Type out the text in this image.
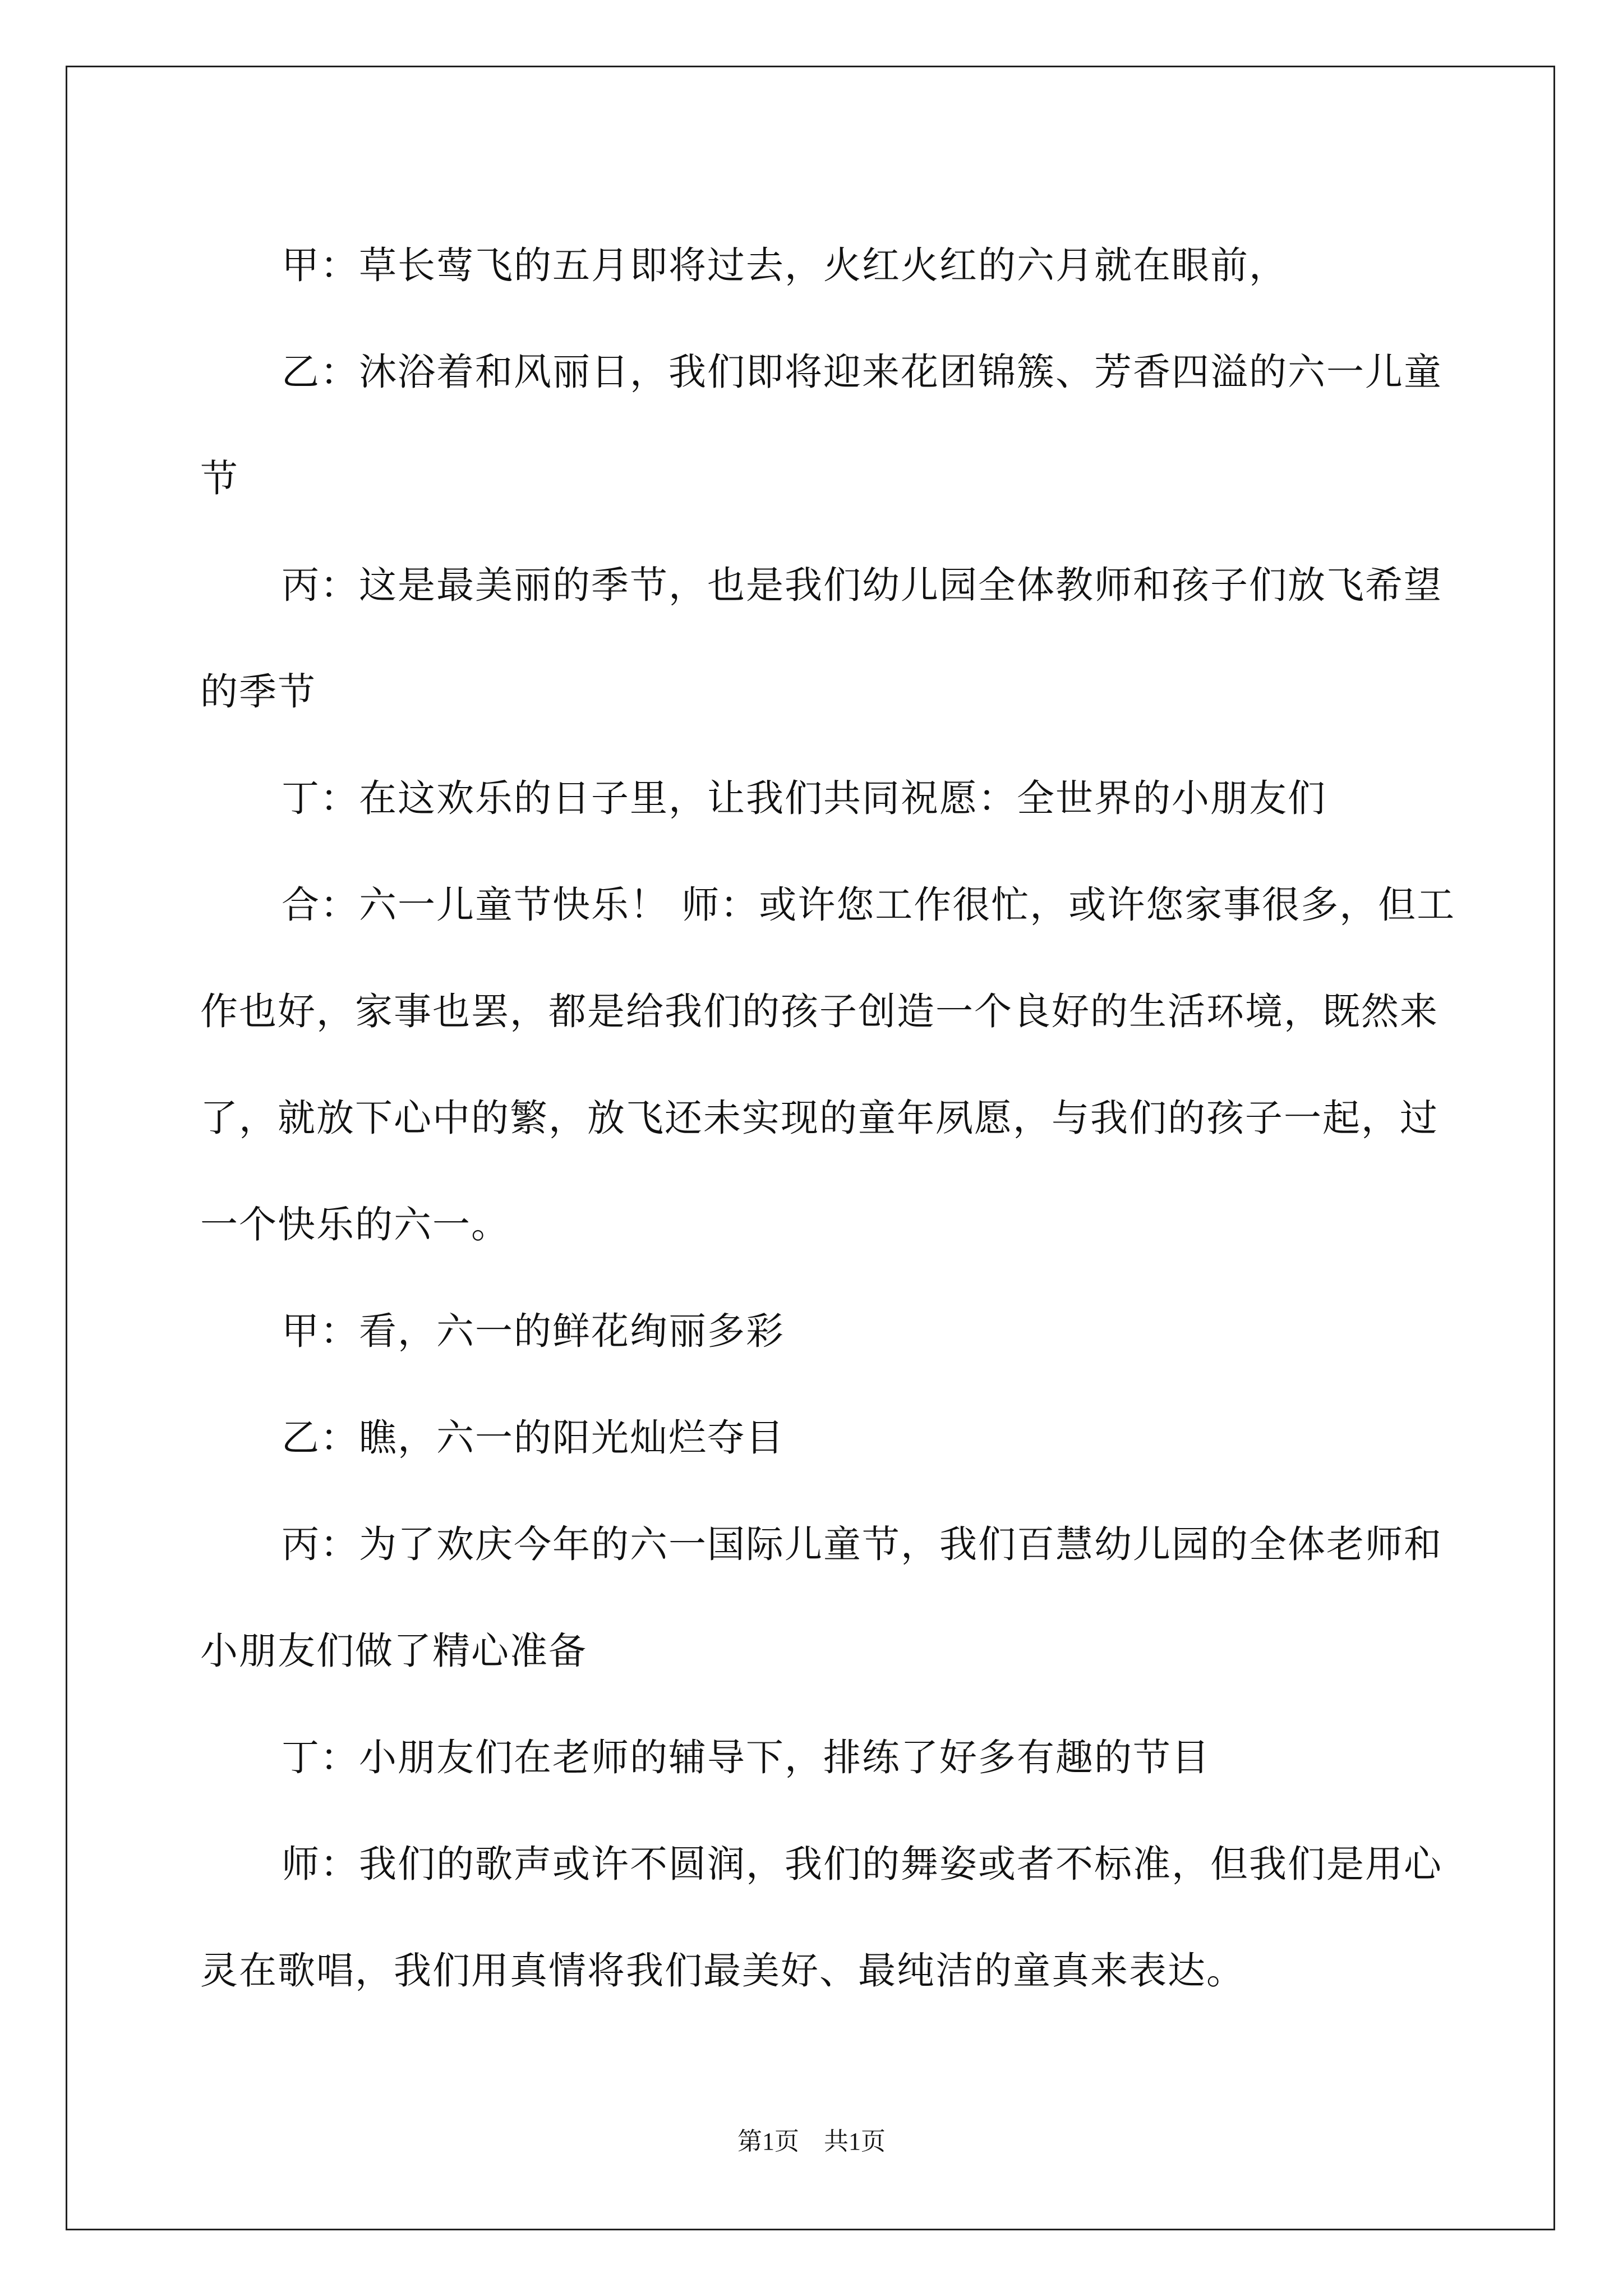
甲：草长莺飞的五月即将过去，火红火红的六月就在眼前，

乙：沐浴着和风丽日，我们即将迎来花团锦簇、芳香四溢的六一儿童节

丙：这是最美丽的季节，也是我们幼儿园全体教师和孩子们放飞希望的季节

丁：在这欢乐的日子里，让我们共同祝愿：全世界的小朋友们

合：六一儿童节快乐！ 师：或许您工作很忙，或许您家事很多，但工作也好，家事也罢，都是给我们的孩子创造一个良好的生活环境，既然来了，就放下心中的繁，放飞还未实现的童年夙愿，与我们的孩子一起，过一个快乐的六一。

甲：看，六一的鲜花绚丽多彩

乙：瞧，六一的阳光灿烂夺目

丙：为了欢庆今年的六一国际儿童节，我们百慧幼儿园的全体老师和小朋友们做了精心准备

丁：小朋友们在老师的辅导下，排练了好多有趣的节目

师：我们的歌声或许不圆润，我们的舞姿或者不标准，但我们是用心灵在歌唱，我们用真情将我们最美好、最纯洁的童真来表达。

第1页　共1页
